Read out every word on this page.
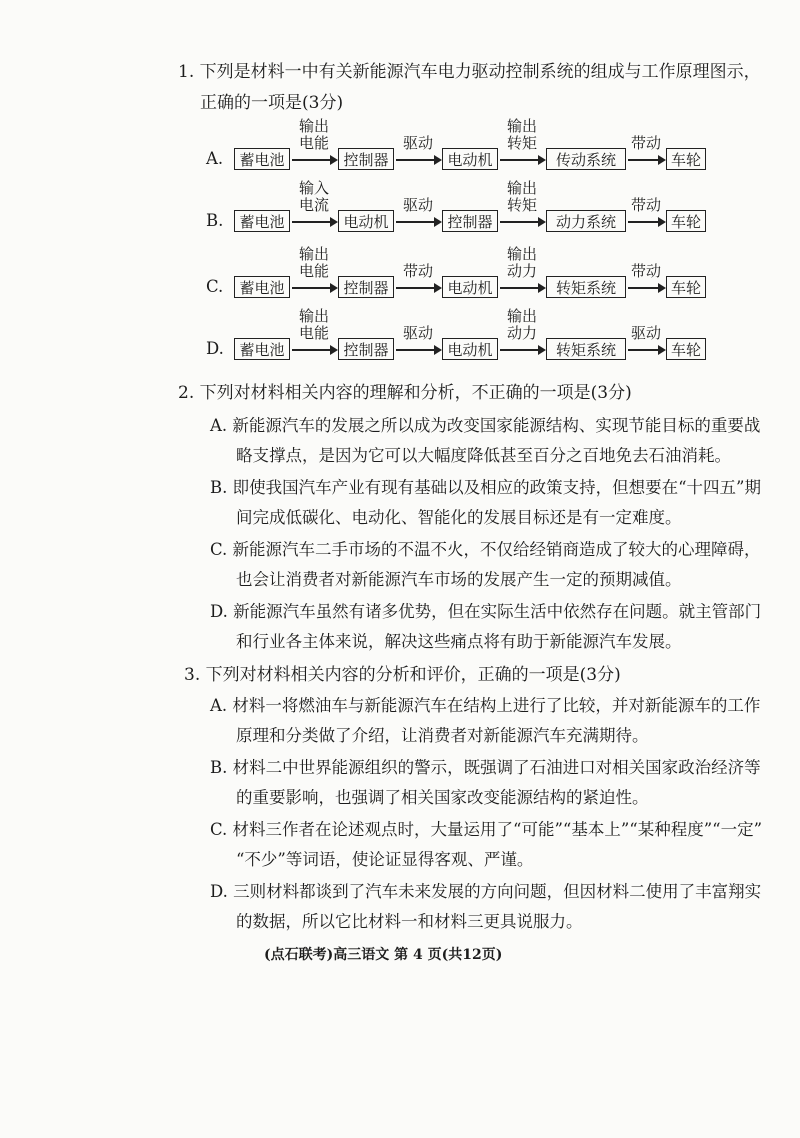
1. 下列是材料一中有关新能源汽车电力驱动控制系统的组成与工作原理图示，
正确的一项是(3分)
A.	蓄电池	控制器	电动机	传动系统	车轮
输出
电能	驱动
输出
转矩	带动
B.	蓄电池	电动机	控制器	动力系统	车轮
输入
电流	驱动
输出
转矩	带动
C.	蓄电池	控制器	电动机	转矩系统	车轮
输出
电能	带动
输出
动力	带动
D.	蓄电池	控制器	电动机	转矩系统	车轮
输出
电能	驱动
输出
动力	驱动
2. 下列对材料相关内容的理解和分析，不正确的一项是(3分)
A. 新能源汽车的发展之所以成为改变国家能源结构、实现节能目标的重要战
略支撑点，是因为它可以大幅度降低甚至百分之百地免去石油消耗。
B. 即使我国汽车产业有现有基础以及相应的政策支持，但想要在“十四五”期
间完成低碳化、电动化、智能化的发展目标还是有一定难度。
C. 新能源汽车二手市场的不温不火，不仅给经销商造成了较大的心理障碍，
也会让消费者对新能源汽车市场的发展产生一定的预期减值。
D. 新能源汽车虽然有诸多优势，但在实际生活中依然存在问题。就主管部门
和行业各主体来说，解决这些痛点将有助于新能源汽车发展。
3. 下列对材料相关内容的分析和评价，正确的一项是(3分)
A. 材料一将燃油车与新能源汽车在结构上进行了比较，并对新能源车的工作
原理和分类做了介绍，让消费者对新能源汽车充满期待。
B. 材料二中世界能源组织的警示，既强调了石油进口对相关国家政治经济等
的重要影响，也强调了相关国家改变能源结构的紧迫性。
C. 材料三作者在论述观点时，大量运用了“可能”“基本上”“某种程度”“一定”
“不少”等词语，使论证显得客观、严谨。
D. 三则材料都谈到了汽车未来发展的方向问题，但因材料二使用了丰富翔实
的数据，所以它比材料一和材料三更具说服力。
(点石联考)高三语文 第 4 页(共12页)
